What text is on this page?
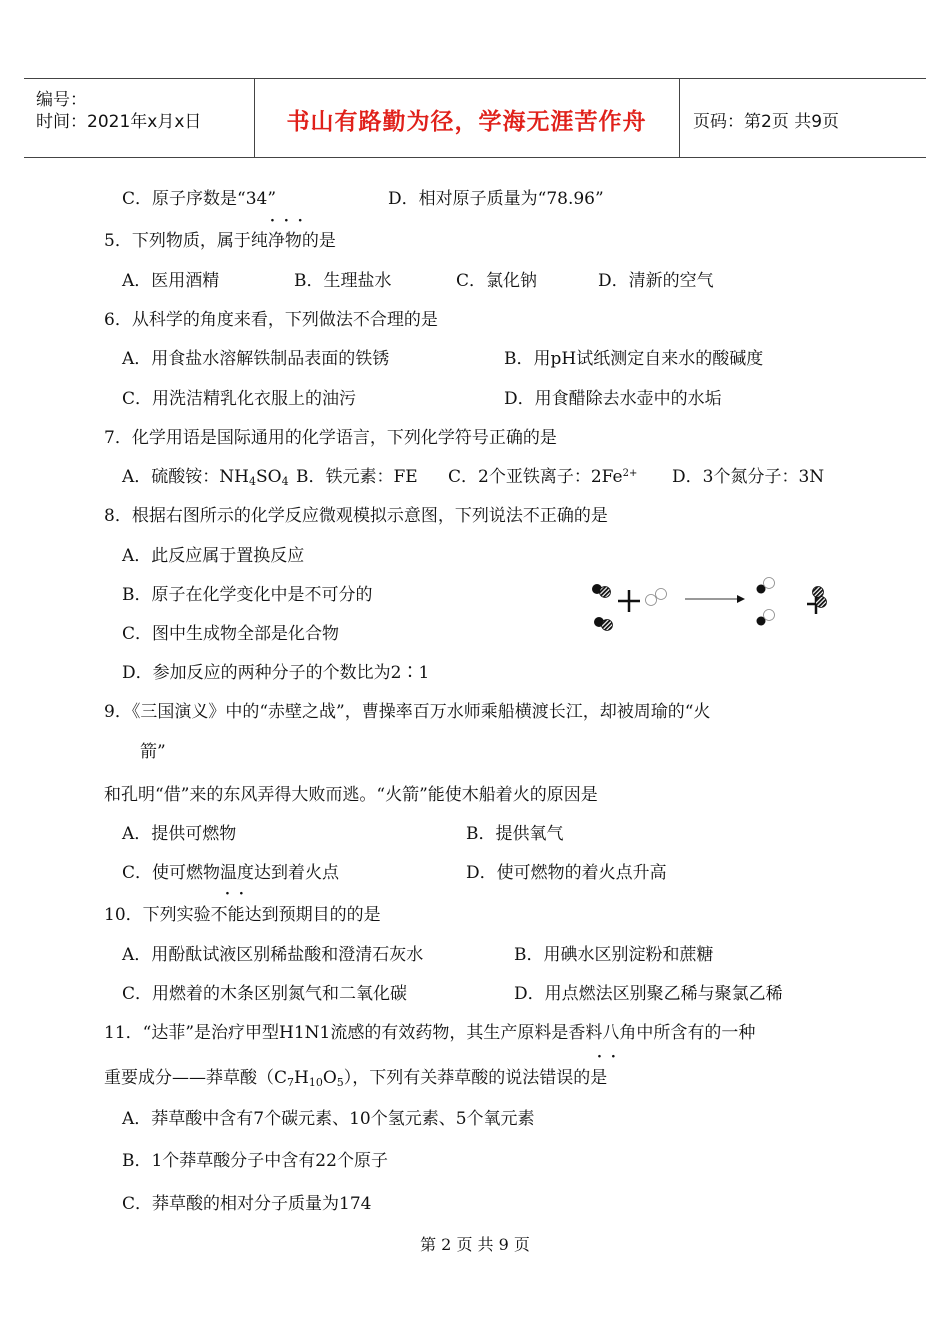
编号：
时间：2021年x月x日	书山有路勤为径，学海无涯苦作舟	页码：第2页 共9页
C．原子序数是“34”	D．相对原子质量为“78.96”
···
5．下列物质，属于纯净物的是
A．医用酒精	B．生理盐水	C．氯化钠	D．清新的空气
6．从科学的角度来看，下列做法不合理的是
A．用食盐水溶解铁制品表面的铁锈	B．用pH试纸测定自来水的酸碱度
C．用洗洁精乳化衣服上的油污	D．用食醋除去水壶中的水垢
7．化学用语是国际通用的化学语言，下列化学符号正确的是
A．硫酸铵：$NH_4SO_4$ B．铁元素：FE C．2个亚铁离子：$2Fe^{2+}$ D．3个氮分子：3N
8．根据右图所示的化学反应微观模拟示意图，下列说法不正确的是
A．此反应属于置换反应
B．原子在化学变化中是不可分的
C．图中生成物全部是化合物
D．参加反应的两种分子的个数比为2∶1
9．《三国演义》中的“赤壁之战”，曹操率百万水师乘船横渡长江，却被周瑜的“火
箭”
和孔明“借”来的东风弄得大败而逃。“火箭”能使木船着火的原因是
A．提供可燃物	B．提供氧气
C．使可燃物温度达到着火点	D．使可燃物的着火点升高
··
10．下列实验不能达到预期目的的是
A．用酚酞试液区别稀盐酸和澄清石灰水	B．用碘水区别淀粉和蔗糖
C．用燃着的木条区别氮气和二氧化碳	D．用点燃法区别聚乙稀与聚氯乙稀
11．“达菲”是治疗甲型H1N1流感的有效药物，其生产原料是香料八角中所含有的一种
··
重要成分——莽草酸$(C_7H_{10}O_5)$，下列有关莽草酸的说法错误的是
A．莽草酸中含有7个碳元素、10个氢元素、5个氧元素
B．1个莽草酸分子中含有22个原子
C．莽草酸的相对分子质量为174
第 2 页 共 9 页
